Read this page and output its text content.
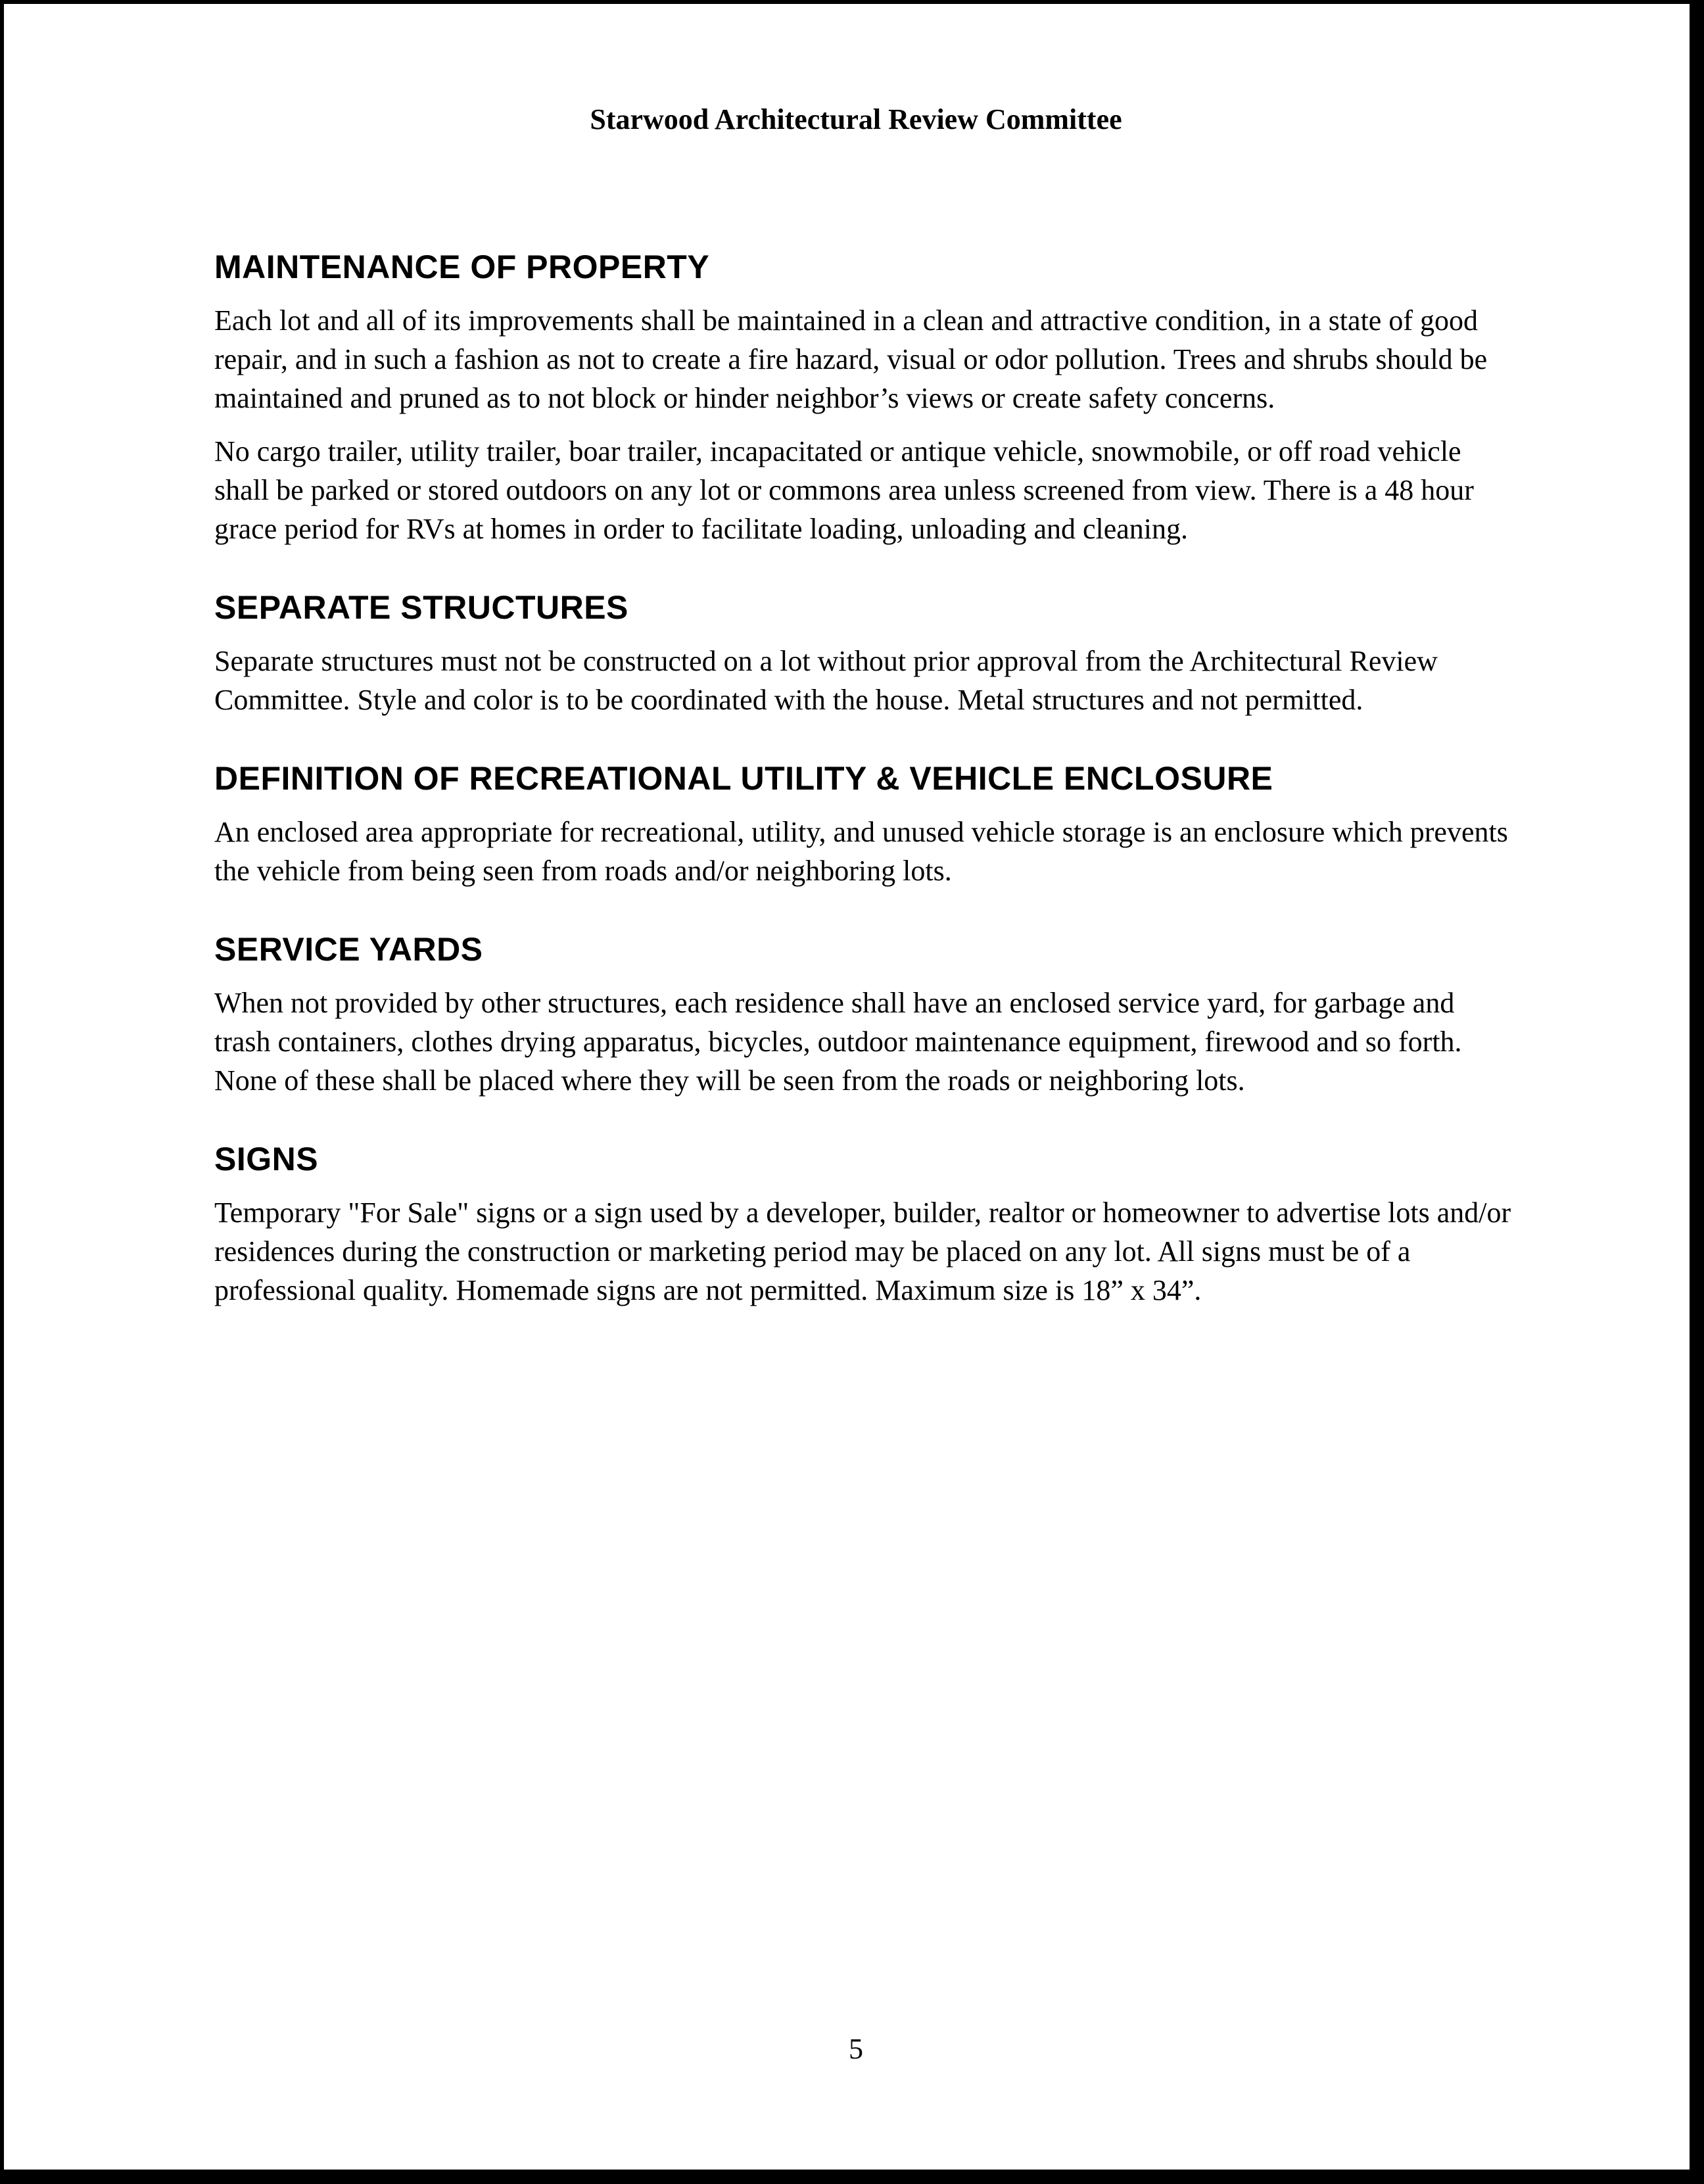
Starwood Architectural Review Committee
MAINTENANCE OF PROPERTY

Each lot and all of its improvements shall be maintained in a clean and attractive condition, in a state of good repair, and in such a fashion as not to create a fire hazard, visual or odor pollution. Trees and shrubs should be maintained and pruned as to not block or hinder neighbor’s views or create safety concerns.

No cargo trailer, utility trailer, boar trailer, incapacitated or antique vehicle, snowmobile, or off road vehicle shall be parked or stored outdoors on any lot or commons area unless screened from view. There is a 48 hour grace period for RVs at homes in order to facilitate loading, unloading and cleaning.

SEPARATE STRUCTURES

Separate structures must not be constructed on a lot without prior approval from the Architectural Review Committee. Style and color is to be coordinated with the house. Metal structures and not permitted.

DEFINITION OF RECREATIONAL UTILITY & VEHICLE ENCLOSURE

An enclosed area appropriate for recreational, utility, and unused vehicle storage is an enclosure which prevents the vehicle from being seen from roads and/or neighboring lots.

SERVICE YARDS

When not provided by other structures, each residence shall have an enclosed service yard, for garbage and trash containers, clothes drying apparatus, bicycles, outdoor maintenance equipment, firewood and so forth. None of these shall be placed where they will be seen from the roads or neighboring lots.

SIGNS

Temporary "For Sale" signs or a sign used by a developer, builder, realtor or homeowner to advertise lots and/or residences during the construction or marketing period may be placed on any lot. All signs must be of a professional quality. Homemade signs are not permitted. Maximum size is 18” x 34”.

5
